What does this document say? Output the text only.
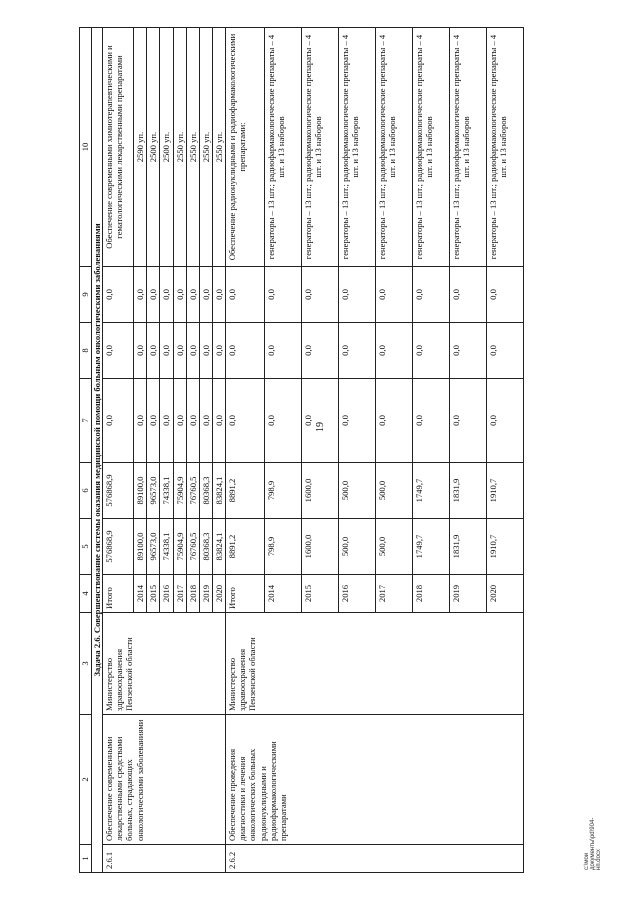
19
c:\мои документы\pd\904-нп.docx
1	2	3	4	5	6	7	8	9	10
Задача 2.6. Совершенствование системы оказания медицинской помощи больным онкологическими заболеваниями									
2.6.1	Обеспечение современными лекарственными средствами больных, страдающих онкологическими заболеваниями	Министерство здравоохранения Пензенской области	Итого	576868,9	576868,9	0,0	0,0	0,0	Обеспечение современными химиотерапевтическими и гематологическими лекарственными препаратами
			2014	89100,0	89100,0	0,0	0,0	0,0	2590 уп.
			2015	96573,0	96573,0	0,0	0,0	0,0	2500 уп.
			2016	74338,1	74338,1	0,0	0,0	0,0	2500 уп.
			2017	75904,9	75904,9	0,0	0,0	0,0	2550 уп.
			2018	76760,5	76760,5	0,0	0,0	0,0	2550 уп.
			2019	80368,3	80368,3	0,0	0,0	0,0	2550 уп.
			2020	83824,1	83824,1	0,0	0,0	0,0	2550 уп.
2.6.2	Обеспечение проведения диагностики и лечения онкологических больных радионуклидными и радиофармакологическими препаратами	Министерство здравоохранения Пензенской области	Итого	8891,2	8891,2	0,0	0,0	0,0	Обеспечение радионуклидными и радиофармакологическими препаратами:
			2014	798,9	798,9	0,0	0,0	0,0	генераторы – 13 шт.; радиофармакологические препараты – 4 шт. и 13 наборов
			2015	1600,0	1600,0	0,0	0,0	0,0	генераторы – 13 шт.; радиофармакологические препараты – 4 шт. и 13 наборов
			2016	500,0	500,0	0,0	0,0	0,0	генераторы – 13 шт.; радиофармакологические препараты – 4 шт. и 13 наборов
			2017	500,0	500,0	0,0	0,0	0,0	генераторы – 13 шт.; радиофармакологические препараты – 4 шт. и 13 наборов
			2018	1749,7	1749,7	0,0	0,0	0,0	генераторы – 13 шт.; радиофармакологические препараты – 4 шт. и 13 наборов
			2019	1831,9	1831,9	0,0	0,0	0,0	генераторы – 13 шт.; радиофармакологические препараты – 4 шт. и 13 наборов
			2020	1910,7	1910,7	0,0	0,0	0,0	генераторы – 13 шт.; радиофармакологические препараты – 4 шт. и 13 наборов
